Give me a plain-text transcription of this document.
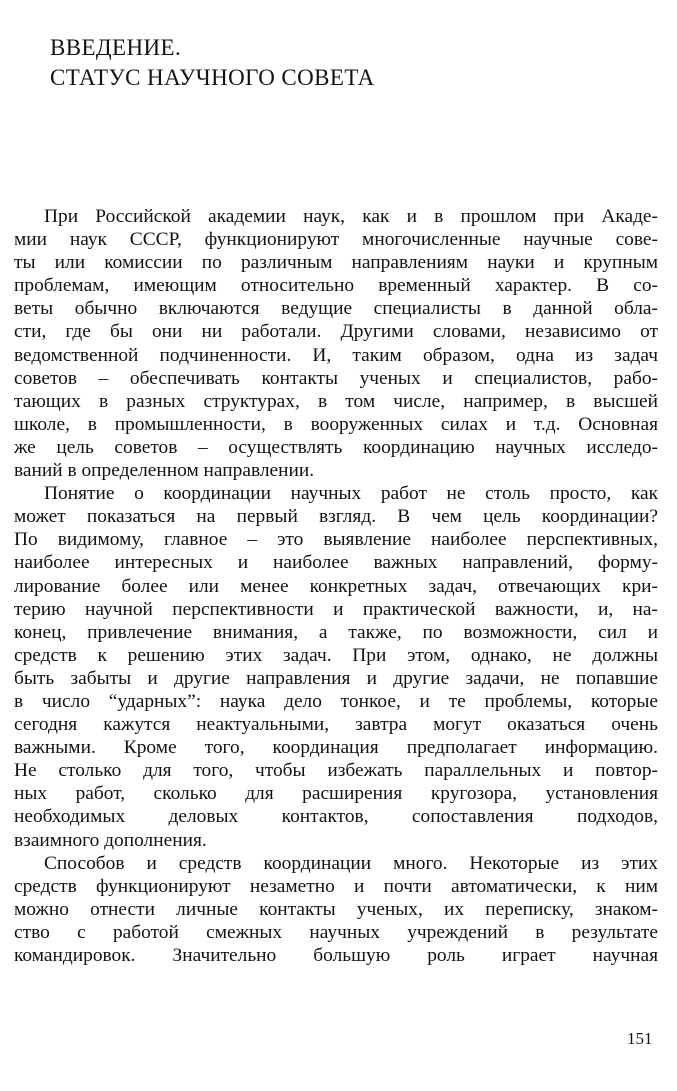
ВВЕДЕНИЕ.
СТАТУС НАУЧНОГО СОВЕТА
При Российской академии наук, как и в прошлом при Акаде-
мии наук СССР, функционируют многочисленные научные сове-
ты или комиссии по различным направлениям науки и крупным
проблемам, имеющим относительно временный характер. В со-
веты обычно включаются ведущие специалисты в данной обла-
сти, где бы они ни работали. Другими словами, независимо от
ведомственной подчиненности. И, таким образом, одна из задач
советов – обеспечивать контакты ученых и специалистов, рабо-
тающих в разных структурах, в том числе, например, в высшей
школе, в промышленности, в вооруженных силах и т.д. Основная
же цель советов – осуществлять координацию научных исследо-
ваний в определенном направлении.
Понятие о координации научных работ не столь просто, как
может показаться на первый взгляд. В чем цель координации?
По видимому, главное – это выявление наиболее перспективных,
наиболее интересных и наиболее важных направлений, форму-
лирование более или менее конкретных задач, отвечающих кри-
терию научной перспективности и практической важности, и, на-
конец, привлечение внимания, а также, по возможности, сил и
средств к решению этих задач. При этом, однако, не должны
быть забыты и другие направления и другие задачи, не попавшие
в число “ударных”: наука дело тонкое, и те проблемы, которые
сегодня кажутся неактуальными, завтра могут оказаться очень
важными. Кроме того, координация предполагает информацию.
Не столько для того, чтобы избежать параллельных и повтор-
ных работ, сколько для расширения кругозора, установления
необходимых деловых контактов, сопоставления подходов,
взаимного дополнения.
Способов и средств координации много. Некоторые из этих
средств функционируют незаметно и почти автоматически, к ним
можно отнести личные контакты ученых, их переписку, знаком-
ство с работой смежных научных учреждений в результате
командировок. Значительно большую роль играет научная
151
